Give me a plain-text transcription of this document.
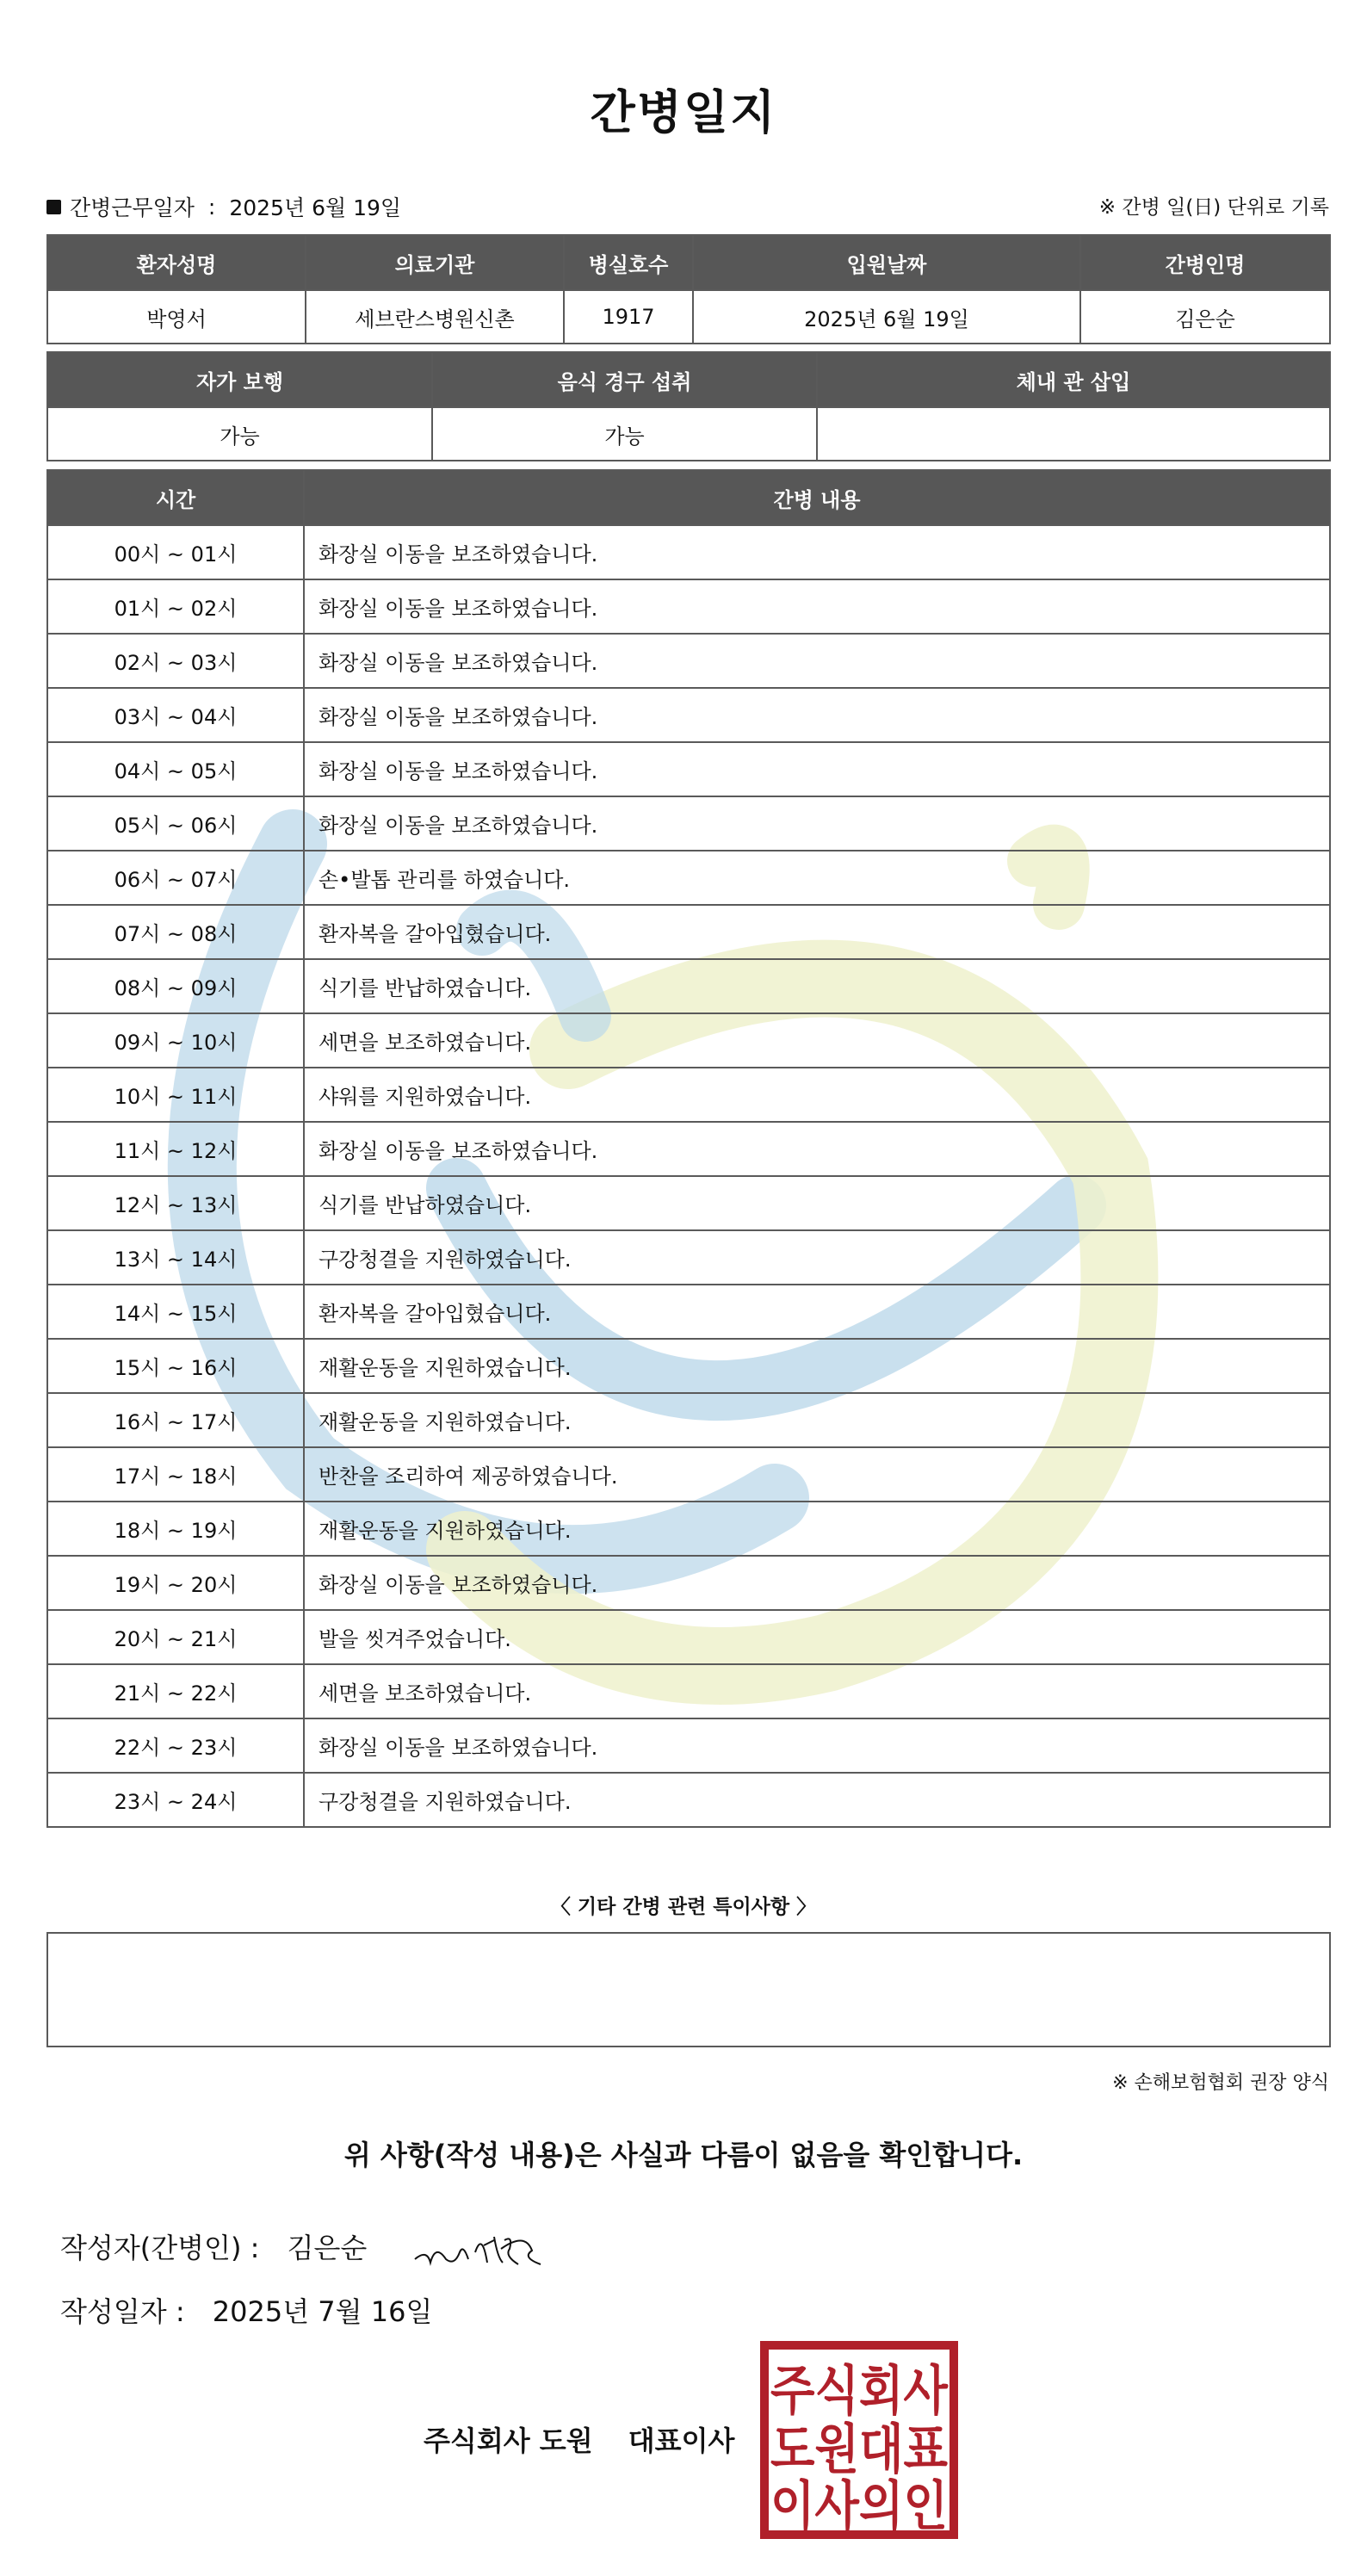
간병일지
간병근무일자 : 2025년 6월 19일	※ 간병 일(日) 단위로 기록
환자성명	의료기관	병실호수	입원날짜	간병인명
박영서	세브란스병원신촌	1917	2025년 6월 19일	김은순
자가 보행	음식 경구 섭취	체내 관 삽입
가능	가능	
시간	간병 내용
00시 ~ 01시	화장실 이동을 보조하였습니다.
01시 ~ 02시	화장실 이동을 보조하였습니다.
02시 ~ 03시	화장실 이동을 보조하였습니다.
03시 ~ 04시	화장실 이동을 보조하였습니다.
04시 ~ 05시	화장실 이동을 보조하였습니다.
05시 ~ 06시	화장실 이동을 보조하였습니다.
06시 ~ 07시	손•발톱 관리를 하였습니다.
07시 ~ 08시	환자복을 갈아입혔습니다.
08시 ~ 09시	식기를 반납하였습니다.
09시 ~ 10시	세면을 보조하였습니다.
10시 ~ 11시	샤워를 지원하였습니다.
11시 ~ 12시	화장실 이동을 보조하였습니다.
12시 ~ 13시	식기를 반납하였습니다.
13시 ~ 14시	구강청결을 지원하였습니다.
14시 ~ 15시	환자복을 갈아입혔습니다.
15시 ~ 16시	재활운동을 지원하였습니다.
16시 ~ 17시	재활운동을 지원하였습니다.
17시 ~ 18시	반찬을 조리하여 제공하였습니다.
18시 ~ 19시	재활운동을 지원하였습니다.
19시 ~ 20시	화장실 이동을 보조하였습니다.
20시 ~ 21시	발을 씻겨주었습니다.
21시 ~ 22시	세면을 보조하였습니다.
22시 ~ 23시	화장실 이동을 보조하였습니다.
23시 ~ 24시	구강청결을 지원하였습니다.
〈 기타 간병 관련 특이사항 〉
※ 손해보험협회 권장 양식
위 사항(작성 내용)은 사실과 다름이 없음을 확인합니다.
작성자(간병인) : 김은순
작성일자 : 2025년 7월 16일
주식회사 도원 대표이사
주식회사
도원대표
이사의인
